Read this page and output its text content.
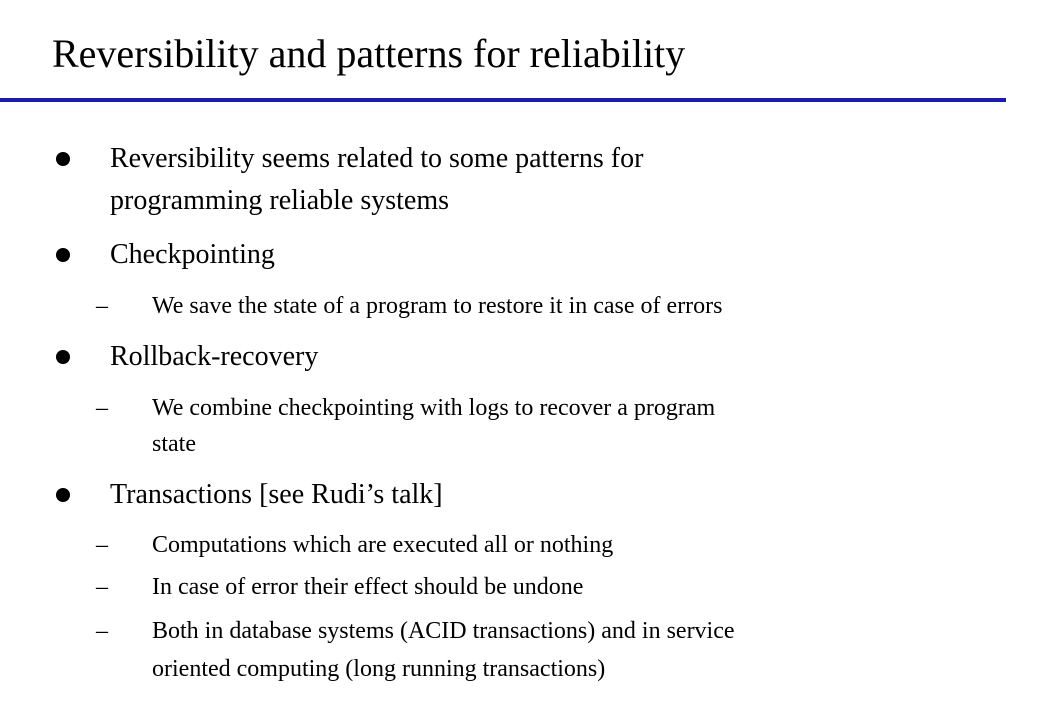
Reversibility and patterns for reliability
Reversibility seems related to some patterns for
programming reliable systems
Checkpointing
– We save the state of a program to restore it in case of errors
Rollback-recovery
– We combine checkpointing with logs to recover a program
state
Transactions [see Rudi’s talk]
– Computations which are executed all or nothing
– In case of error their effect should be undone
– Both in database systems (ACID transactions) and in service
oriented computing (long running transactions)
